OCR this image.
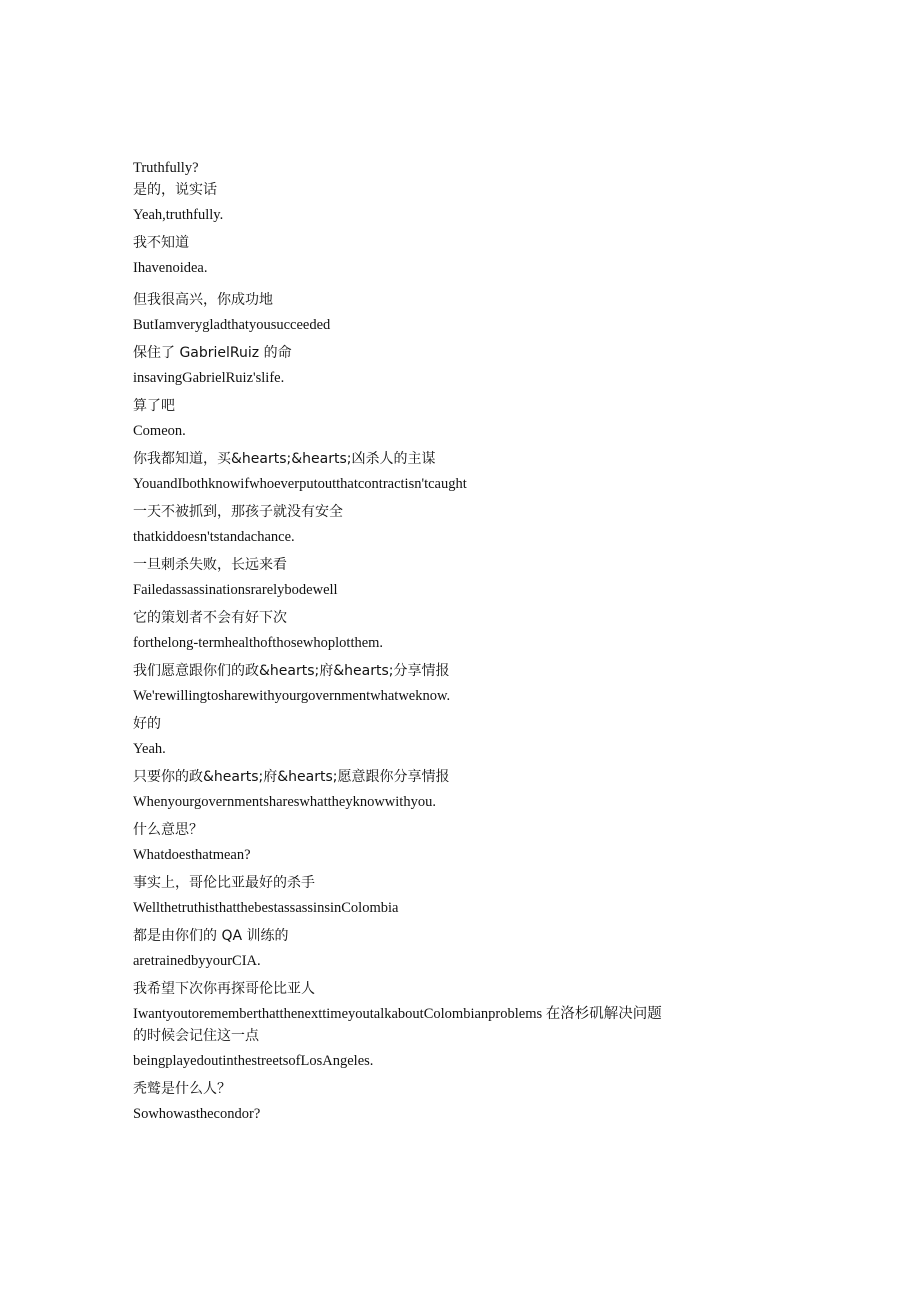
Truthfully?
是的，说实话
Yeah,truthfully.
我不知道
Ihavenoidea.
但我很高兴，你成功地
ButIamverygladthatyousucceeded
保住了 GabrielRuiz 的命
insavingGabrielRuiz'slife.
算了吧
Comeon.
你我都知道，买&hearts;&hearts;凶杀人的主谋
YouandIbothknowifwhoeverputoutthatcontractisn'tcaught
一天不被抓到，那孩子就没有安全
thatkiddoesn'tstandachance.
一旦刺杀失败，长远来看
Failedassassinationsrarelybodewell
它的策划者不会有好下次
forthelong-termhealthofthosewhoplotthem.
我们愿意跟你们的政&hearts;府&hearts;分享情报
We'rewillingtosharewithyourgovernmentwhatweknow.
好的
Yeah.
只要你的政&hearts;府&hearts;愿意跟你分享情报
Whenyourgovernmentshareswhattheyknowwithyou.
什么意思？
Whatdoesthatmean?
事实上，哥伦比亚最好的杀手
WellthetruthisthatthebestassassinsinColombia
都是由你们的 QA 训练的
aretrainedbyyourCIA.
我希望下次你再探哥伦比亚人
IwantyoutorememberthatthenexttimeyoutalkaboutColombianproblems 在洛杉矶解决问题
的时候会记住这一点
beingplayedoutinthestreetsofLosAngeles.
秃鹫是什么人？
Sowhowasthecondor?
